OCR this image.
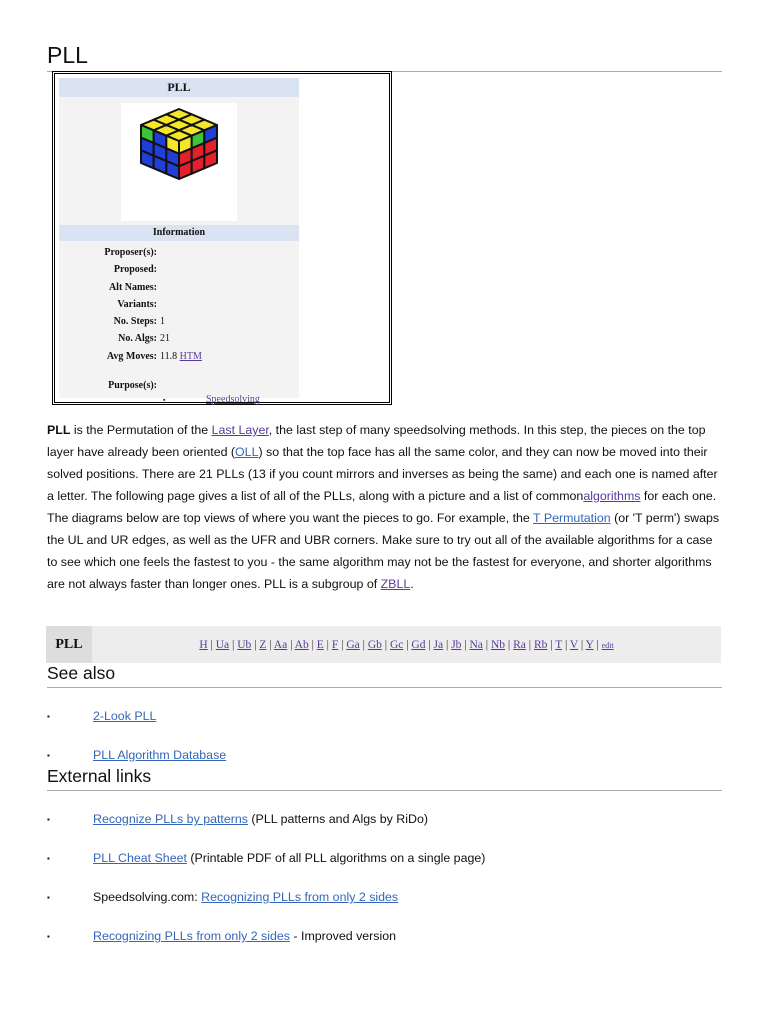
PLL
PLL
Information
Proposer(s):
Proposed:
Alt Names:
Variants:
No. Steps: 1
No. Algs: 21
Avg Moves: 11.8 HTM
Purpose(s):
▪	Speedsolving
PLL is the Permutation of the Last Layer, the last step of many speedsolving methods. In this step, the pieces on the top layer have already been oriented (OLL) so that the top face has all the same color, and they can now be moved into their solved positions. There are 21 PLLs (13 if you count mirrors and inverses as being the same) and each one is named after a letter. The following page gives a list of all of the PLLs, along with a picture and a list of commonalgorithms for each one. The diagrams below are top views of where you want the pieces to go. For example, the T Permutation (or 'T perm') swaps the UL and UR edges, as well as the UFR and UBR corners. Make sure to try out all of the available algorithms for a case to see which one feels the fastest to you - the same algorithm may not be the fastest for everyone, and shorter algorithms are not always faster than longer ones. PLL is a subgroup of ZBLL.
PLL	H | Ua | Ub | Z | Aa | Ab | E | F | Ga | Gb | Gc | Gd | Ja | Jb | Na | Nb | Ra | Rb | T | V | Y | edit
See also
▪	2-Look PLL
▪	PLL Algorithm Database
External links
▪	Recognize PLLs by patterns (PLL patterns and Algs by RiDo)
▪	PLL Cheat Sheet (Printable PDF of all PLL algorithms on a single page)
▪	Speedsolving.com: Recognizing PLLs from only 2 sides
▪	Recognizing PLLs from only 2 sides - Improved version
